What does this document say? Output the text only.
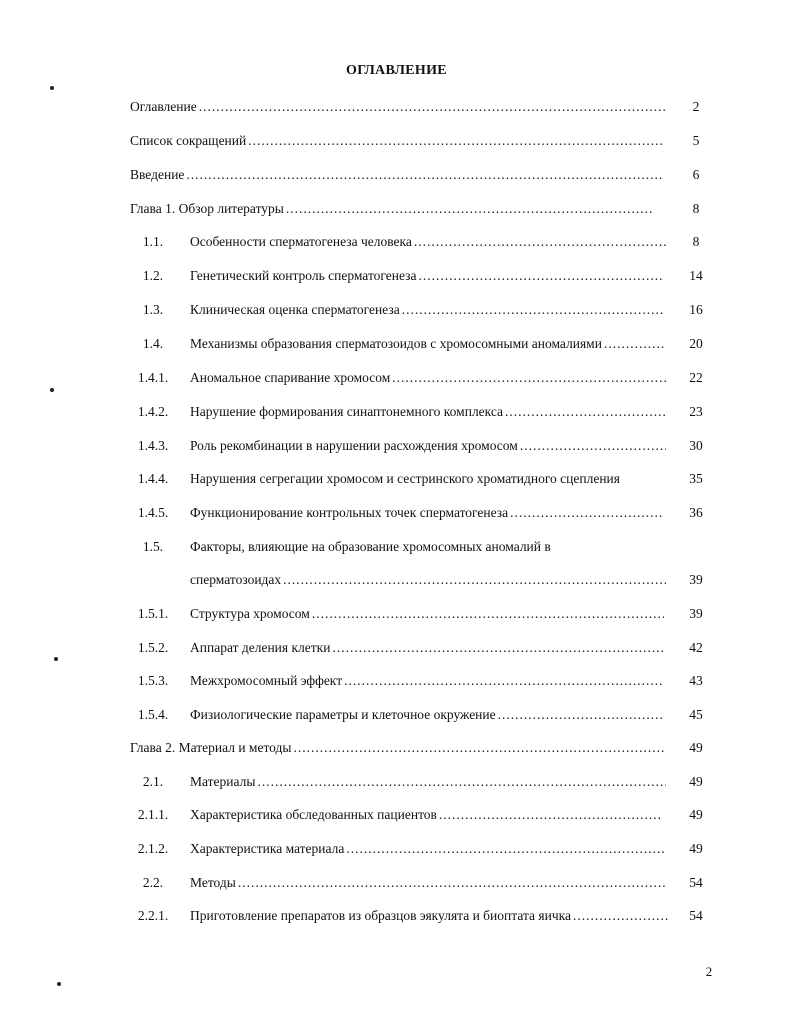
ОГЛАВЛЕНИЕ
Оглавление .....	2
Список сокращений .....	5
Введение .....	6
Глава 1. Обзор литературы .....	8
1.1.	Особенности сперматогенеза человека .....	8
1.2.	Генетический контроль сперматогенеза .....	14
1.3.	Клиническая оценка сперматогенеза .....	16
1.4.	Механизмы образования сперматозоидов с хромосомными аномалиями .....	20
1.4.1.	Аномальное спаривание хромосом .....	22
1.4.2.	Нарушение формирования синаптонемного комплекса .....	23
1.4.3.	Роль рекомбинации в нарушении расхождения хромосом .....	30
1.4.4.	Нарушения сегрегации хромосом и сестринского хроматидного сцепления	35
1.4.5.	Функционирование контрольных точек сперматогенеза .....	36
1.5.	Факторы, влияющие на образование хромосомных аномалий в
сперматозоидах .....	39
1.5.1.	Структура хромосом .....	39
1.5.2.	Аппарат деления клетки .....	42
1.5.3.	Межхромосомный эффект .....	43
1.5.4.	Физиологические параметры и клеточное окружение .....	45
Глава 2. Материал и методы .....	49
2.1.	Материалы .....	49
2.1.1.	Характеристика обследованных пациентов .....	49
2.1.2.	Характеристика материала .....	49
2.2.	Методы .....	54
2.2.1.	Приготовление препаратов из образцов эякулята и биоптата яичка .....	54
2
